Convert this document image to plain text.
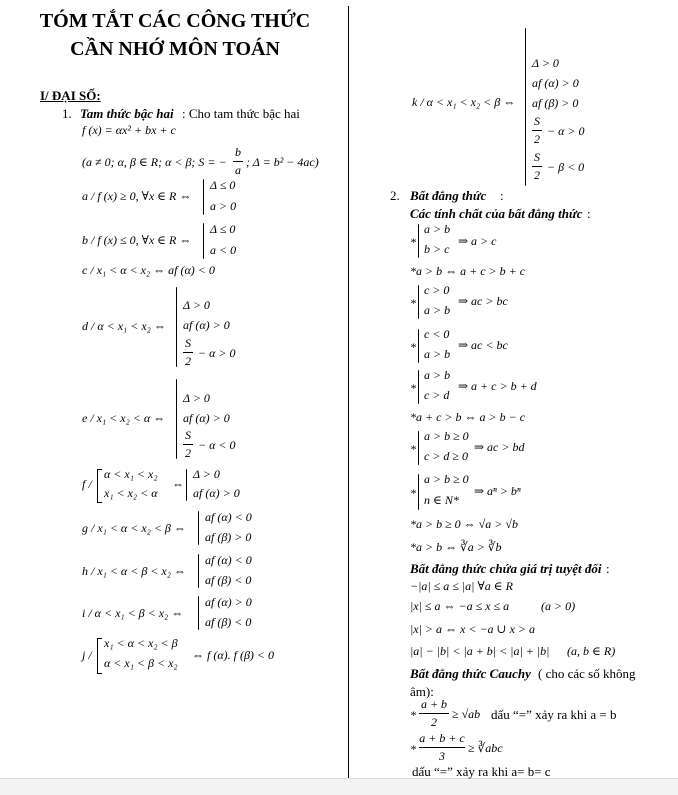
TÓM TẮT CÁC CÔNG THỨC
CẦN NHỚ MÔN TOÁN
I/ ĐẠI SỐ:
1. Tam thức bậc hai : Cho tam thức bậc hai
f (x) = αx² + bx + c
(a ≠ 0; α, β ∈ R; α < β; S = −
b
a
; Δ = b² − 4ac)
a / f (x) ≥ 0, ∀x ∈ R ⇔
Δ ≤ 0
a > 0
b / f (x) ≤ 0, ∀x ∈ R ⇔
Δ ≤ 0
a < 0
c / x₁ < α < x₂ ⇔ af (α) < 0
d / α < x₁ < x₂ ⇔
Δ > 0
af (α) > 0
S
2
− α > 0
e / x₁ < x₂ < α ⇔
Δ > 0
af (α) > 0
S
2
− α < 0
f /
α < x₁ < x₂
x₁ < x₂ < α
⇔
Δ > 0
af (α) > 0
g / x₁ < α < x₂ < β ⇔
af (α) < 0
af (β) > 0
h / x₁ < α < β < x₂ ⇔
af (α) < 0
af (β) < 0
i / α < x₁ < β < x₂ ⇔
af (α) > 0
af (β) < 0
j /
x₁ < α < x₂ < β
α < x₁ < β < x₂
⇔ f (α). f (β) < 0
k / α < x₁ < x₂ < β ⇔
Δ > 0
af (α) > 0
af (β) > 0
S
2
− α > 0
S
2
− β < 0
2. Bất đẳng thức :
Các tính chất của bất đẳng thức :
*
a > b
b > c
⇒ a > c
*a > b ⇔ a + c > b + c
*
c > 0
a > b
⇒ ac > bc
*
c < 0
a > b
⇒ ac < bc
*
a > b
c > d
⇒ a + c > b + d
*a + c > b ⇔ a > b − c
*
a > b ≥ 0
c > d ≥ 0
⇒ ac > bd
*
a > b ≥ 0
n ∈ N*
⇒ aⁿ > bⁿ
*a > b ≥ 0 ⇔ √a > √b
*a > b ⇔ ∛a > ∛b
Bất đẳng thức chứa giá trị tuyệt đối :
−|a| ≤ a ≤ |a| ∀a ∈ R
|x| ≤ a ⇔ −a ≤ x ≤ a	(a > 0)
|x| > a ⇔ x < −a ∪ x > a
|a| − |b| < |a + b| < |a| + |b| (a, b ∈ R)
Bất đẳng thức Cauchy ( cho các số không
âm):
*
a + b
2
≥ √ab dấu “=” xảy ra khi a = b
*
a + b + c
3
≥ ∛abc
dấu “=” xảy ra khi a= b= c
